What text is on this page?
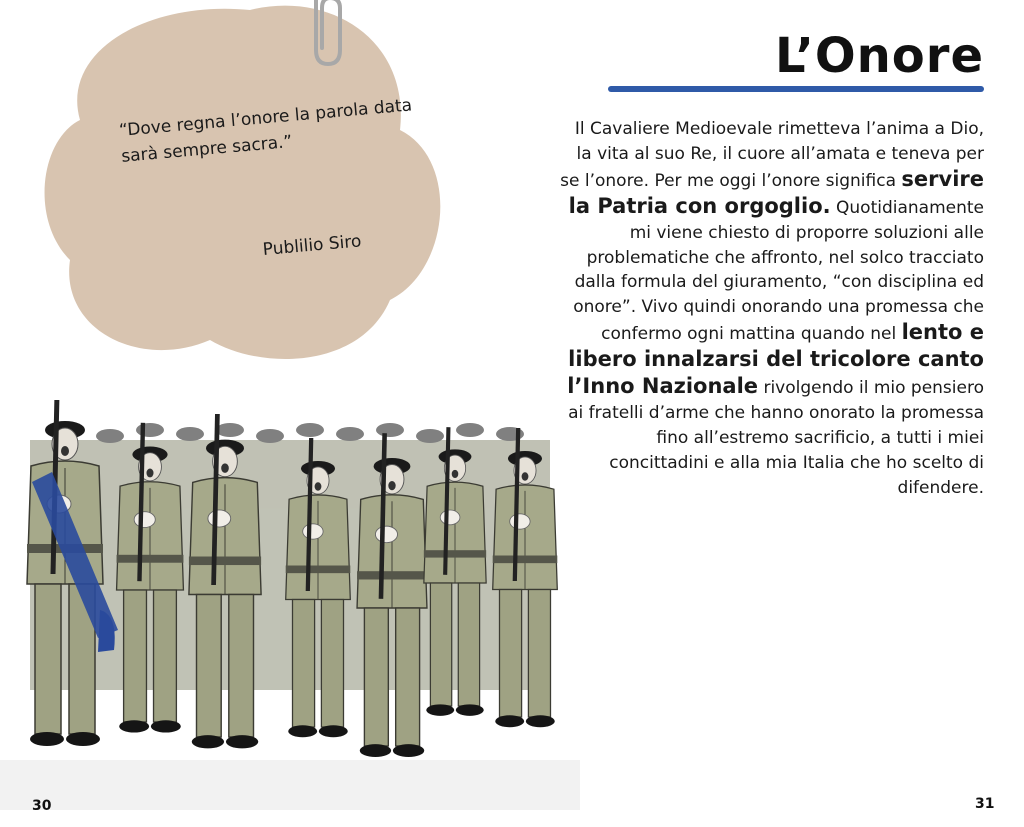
“Dove regna l’onore la parola data sarà sempre sacra.”

Publilio Siro
30
L’Onore

Il Cavaliere Medioevale rimetteva l’anima a Dio, la vita al suo Re, il cuore all’amata e teneva per se l’onore. Per me oggi l’onore significa servire la Patria con orgoglio. Quotidianamente mi viene chiesto di proporre soluzioni alle problematiche che affronto, nel solco tracciato dalla formula del giuramento, “con disciplina ed onore”. Vivo quindi onorando una promessa che confermo ogni mattina quando nel lento e libero innalzarsi del tricolore canto l’Inno Nazionale rivolgendo il mio pensiero ai fratelli d’arme che hanno onorato la promessa fino all’estremo sacrificio, a tutti i miei concittadini e alla mia Italia che ho scelto di difendere.

31
